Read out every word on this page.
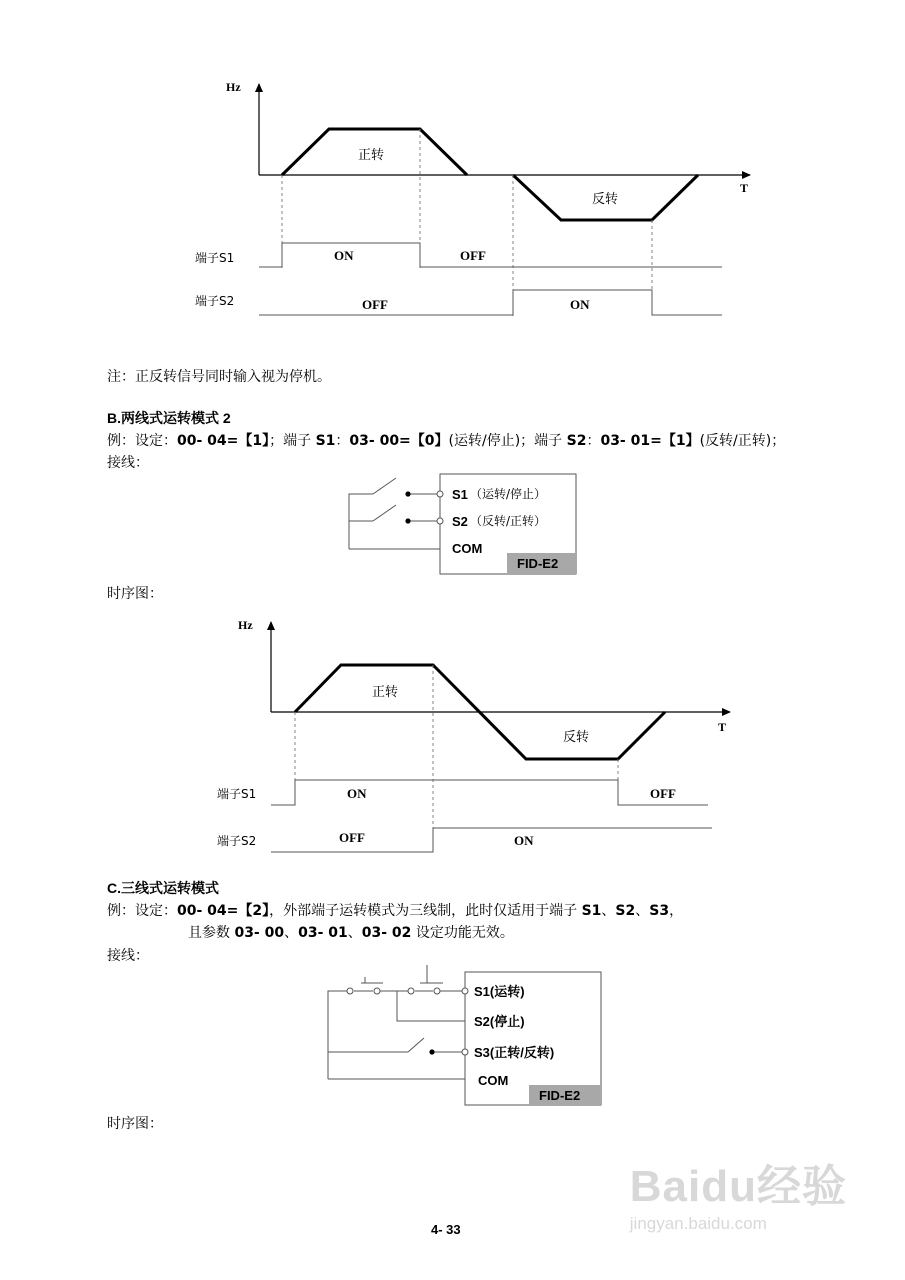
Hz
T
正转
反转
端子S1	ON	OFF
端子S2	OFF	ON
注：正反转信号同时输入视为停机。
B.两线式运转模式 2
例：设定：00- 04=【1】；端子 S1：03- 00=【0】(运转/停止)；端子 S2：03- 01=【1】(反转/正转)；
接线：
FID-E2
S1 （运转/停止）
S2 （反转/正转）
COM
时序图：
Hz
T
正转
反转
端子S1	ON	OFF
端子S2	OFF	ON
C.三线式运转模式
例：设定：00- 04=【2】，外部端子运转模式为三线制，此时仅适用于端子 S1、S2、S3，
且参数 03- 00、03- 01、03- 02 设定功能无效。
接线：
FID-E2
S1(运转)
S2(停止)
S3(正转/反转)
COM
时序图：
Baidu经验
jingyan.baidu.com
4- 33
